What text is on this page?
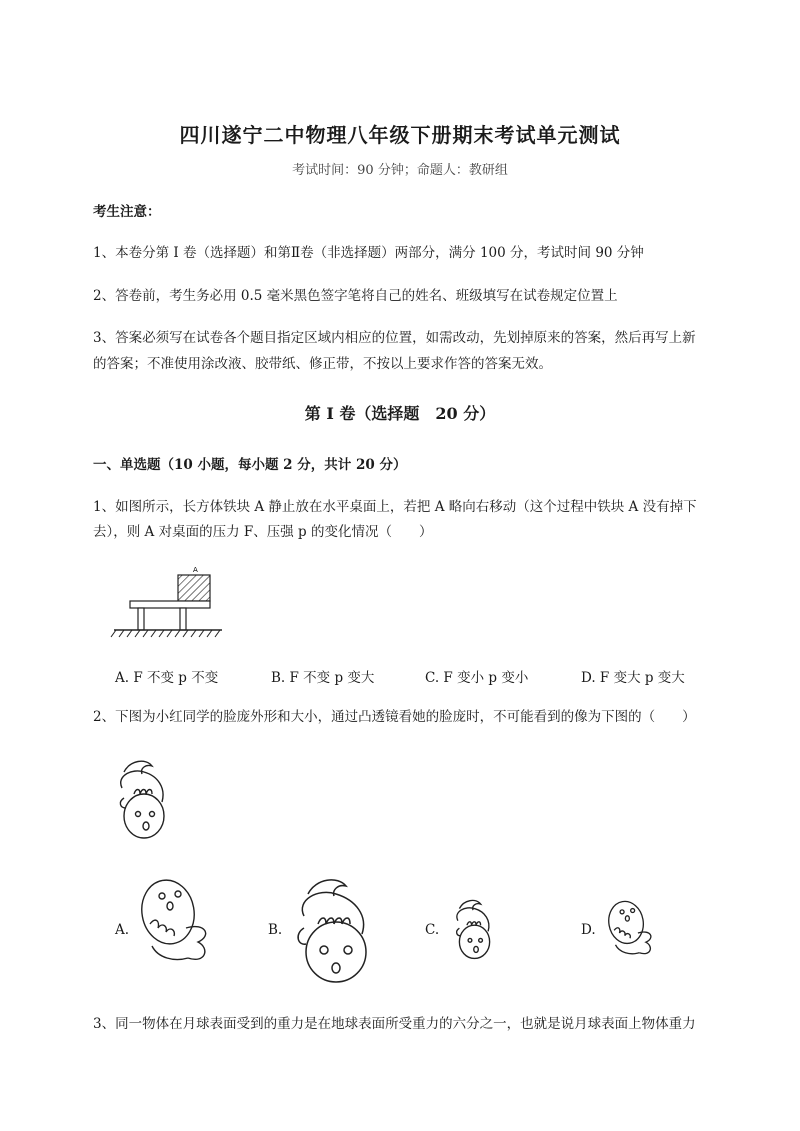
四川遂宁二中物理八年级下册期末考试单元测试
考试时间：90 分钟；命题人：教研组
考生注意：
1、本卷分第 I 卷（选择题）和第Ⅱ卷（非选择题）两部分，满分 100 分，考试时间 90 分钟
2、答卷前，考生务必用 0.5 毫米黑色签字笔将自己的姓名、班级填写在试卷规定位置上
3、答案必须写在试卷各个题目指定区域内相应的位置，如需改动，先划掉原来的答案，然后再写上新
的答案；不准使用涂改液、胶带纸、修正带，不按以上要求作答的答案无效。
第 I 卷（选择题　20 分）
一、单选题（10 小题，每小题 2 分，共计 20 分）
1、如图所示，长方体铁块 A 静止放在水平桌面上，若把 A 略向右移动（这个过程中铁块 A 没有掉下
去），则 A 对桌面的压力 F、压强 p 的变化情况（　　）
A
A. F 不变 p 不变	B. F 不变 p 变大	C. F 变小 p 变小	D. F 变大 p 变大
2、下图为小红同学的脸庞外形和大小，通过凸透镜看她的脸庞时，不可能看到的像为下图的（　　）
A.	B.	C.	D.
3、同一物体在月球表面受到的重力是在地球表面所受重力的六分之一，也就是说月球表面上物体重力
